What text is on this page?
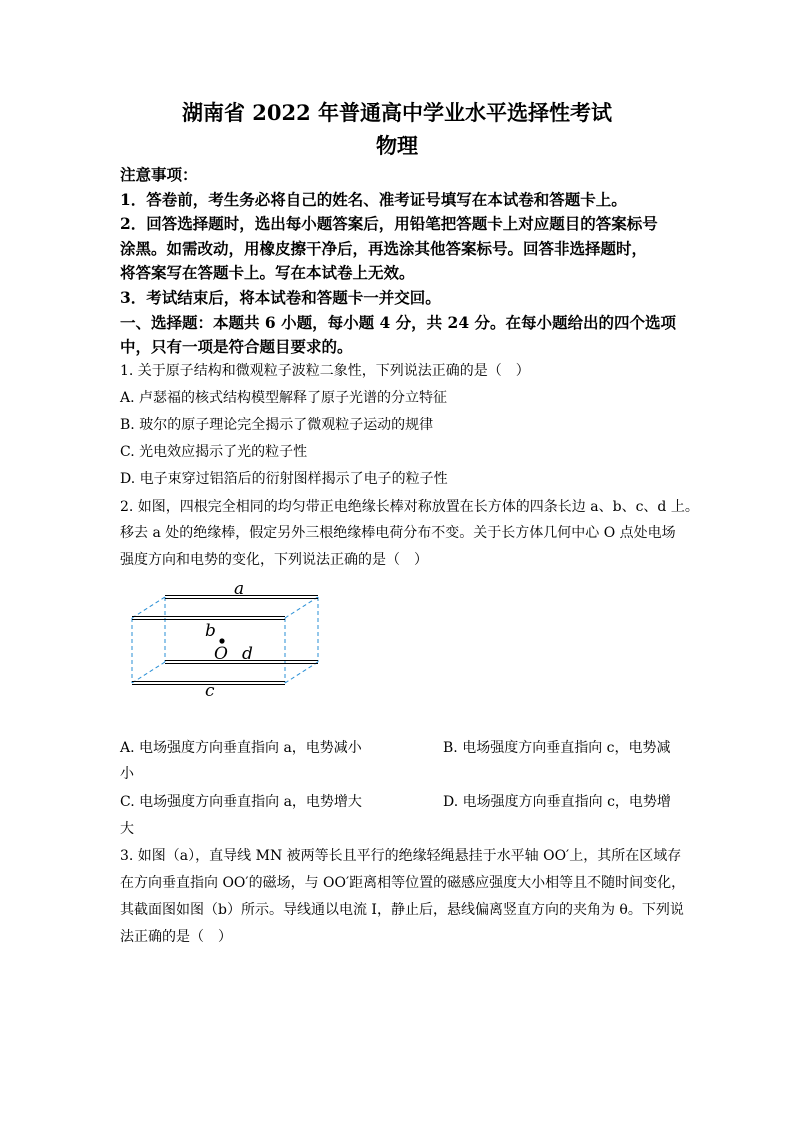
湖南省 2022 年普通高中学业水平选择性考试
物理
注意事项：
1．答卷前，考生务必将自己的姓名、准考证号填写在本试卷和答题卡上。
2．回答选择题时，选出每小题答案后，用铅笔把答题卡上对应题目的答案标号
涂黑。如需改动，用橡皮擦干净后，再选涂其他答案标号。回答非选择题时，
将答案写在答题卡上。写在本试卷上无效。
3．考试结束后，将本试卷和答题卡一并交回。
一、选择题：本题共 6 小题，每小题 4 分，共 24 分。在每小题给出的四个选项
中，只有一项是符合题目要求的。
1. 关于原子结构和微观粒子波粒二象性，下列说法正确的是（　）
A. 卢瑟福的核式结构模型解释了原子光谱的分立特征
B. 玻尔的原子理论完全揭示了微观粒子运动的规律
C. 光电效应揭示了光的粒子性
D. 电子束穿过铝箔后的衍射图样揭示了电子的粒子性
2. 如图，四根完全相同的均匀带正电绝缘长棒对称放置在长方体的四条长边 a、b、c、d 上。
移去 a 处的绝缘棒，假定另外三根绝缘棒电荷分布不变。关于长方体几何中心 O 点处电场
强度方向和电势的变化，下列说法正确的是（　）
a
b
O d
c
A. 电场强度方向垂直指向 a，电势减小	B. 电场强度方向垂直指向 c，电势减
小
C. 电场强度方向垂直指向 a，电势增大	D. 电场强度方向垂直指向 c，电势增
大
3. 如图（a），直导线 MN 被两等长且平行的绝缘轻绳悬挂于水平轴 OO′上，其所在区域存
在方向垂直指向 OO′的磁场，与 OO′距离相等位置的磁感应强度大小相等且不随时间变化，
其截面图如图（b）所示。导线通以电流 I，静止后，悬线偏离竖直方向的夹角为 θ。下列说
法正确的是（　）
